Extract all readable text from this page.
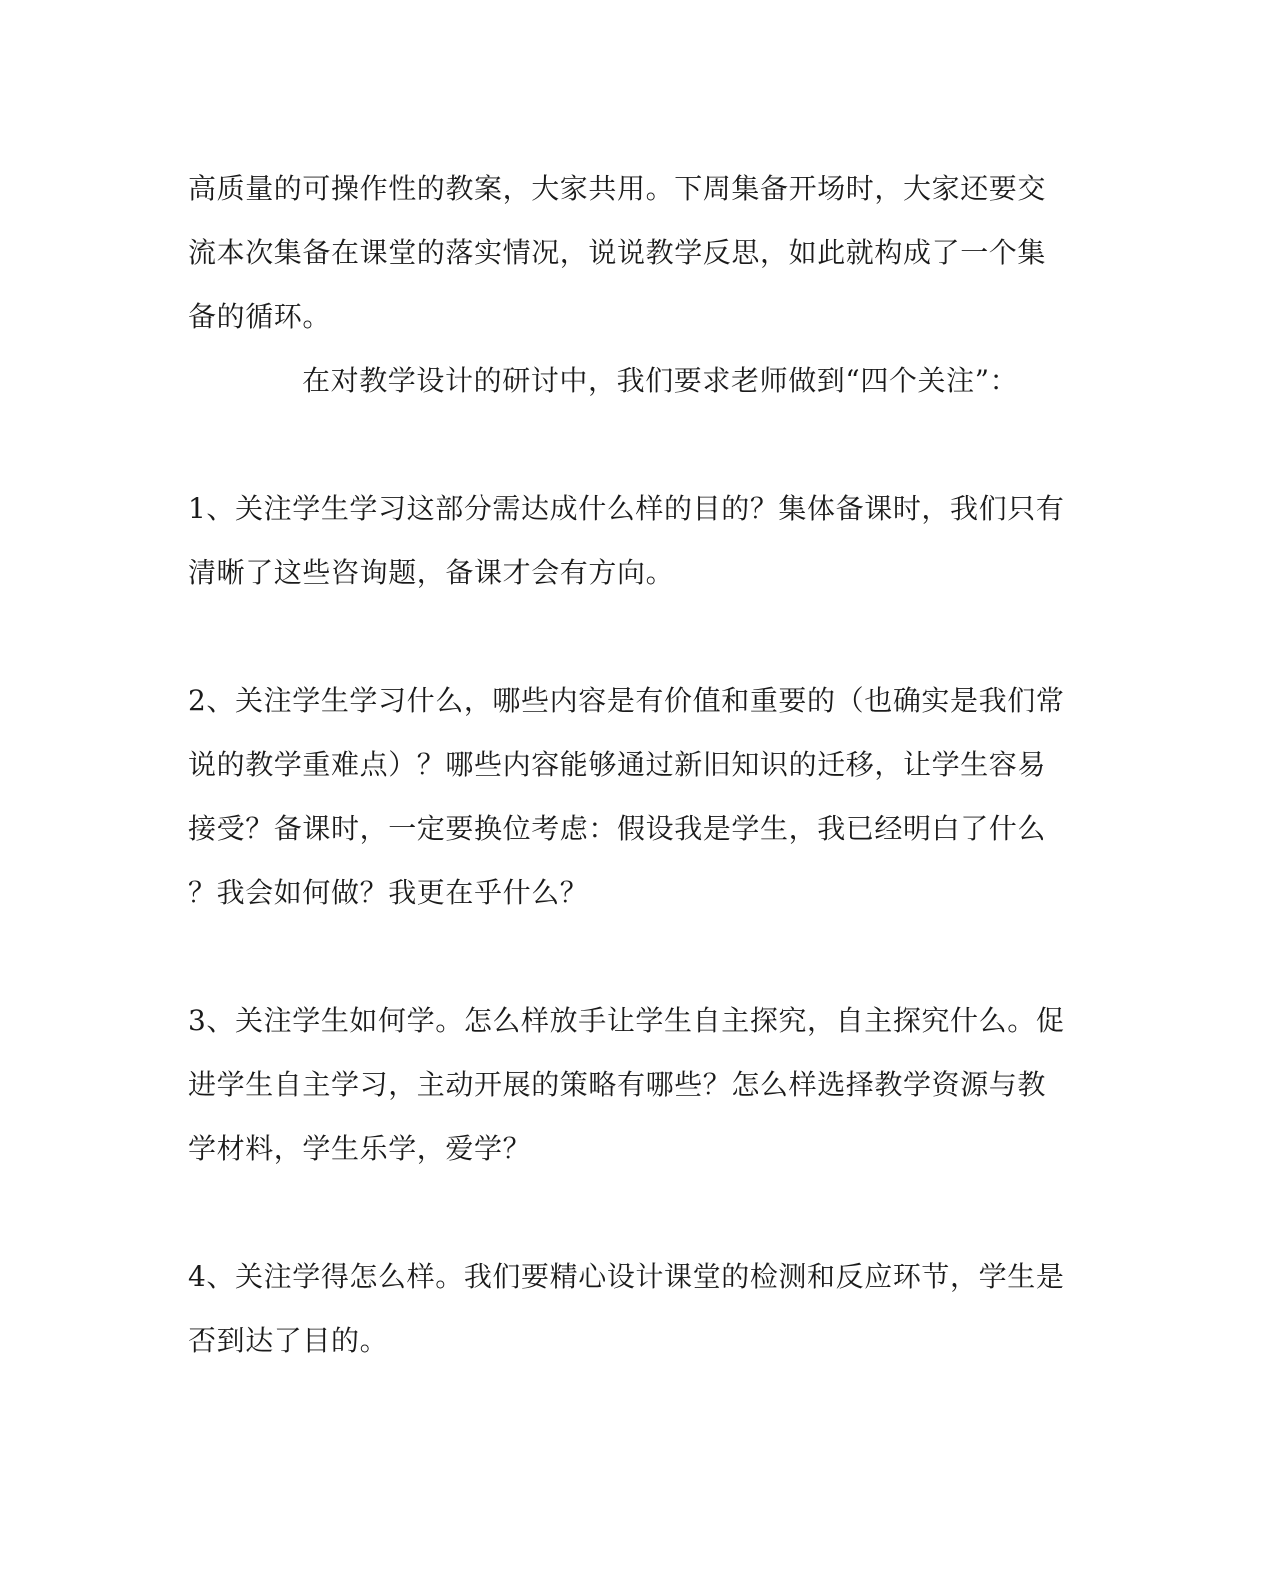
高质量的可操作性的教案，大家共用。下周集备开场时，大家还要交
流本次集备在课堂的落实情况，说说教学反思，如此就构成了一个集
备的循环。
在对教学设计的研讨中，我们要求老师做到“四个关注”：
1、关注学生学习这部分需达成什么样的目的？集体备课时，我们只有
清晰了这些咨询题，备课才会有方向。
2、关注学生学习什么，哪些内容是有价值和重要的（也确实是我们常
说的教学重难点）？哪些内容能够通过新旧知识的迁移，让学生容易
接受？备课时，一定要换位考虑：假设我是学生，我已经明白了什么
？我会如何做？我更在乎什么？
3、关注学生如何学。怎么样放手让学生自主探究，自主探究什么。促
进学生自主学习，主动开展的策略有哪些？怎么样选择教学资源与教
学材料，学生乐学，爱学？
4、关注学得怎么样。我们要精心设计课堂的检测和反应环节，学生是
否到达了目的。
